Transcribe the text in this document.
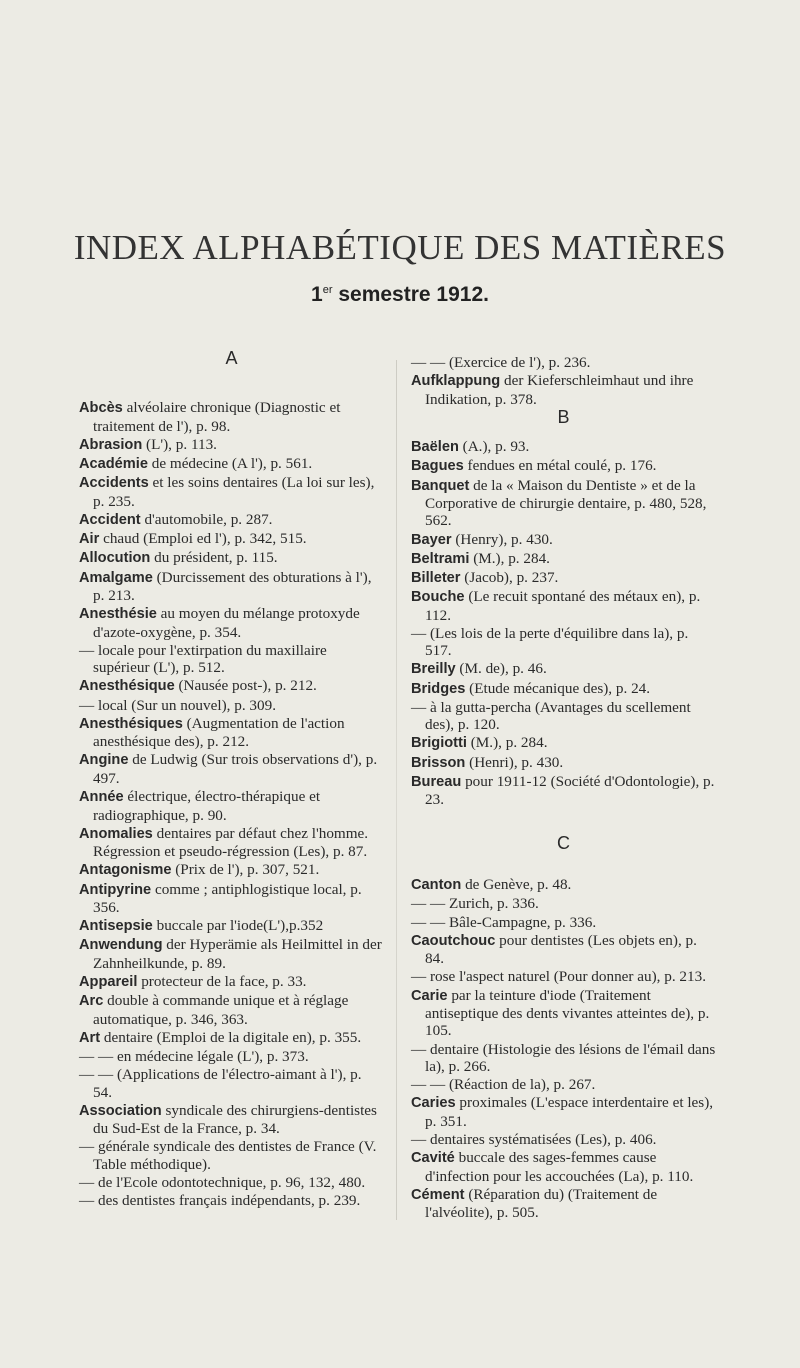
INDEX ALPHABÉTIQUE DES MATIÈRES
1er semestre 1912.
A
Abcès alvéolaire chronique (Diagnostic et traitement de l'), p. 98.
Abrasion (L'), p. 113.
Académie de médecine (A l'), p. 561.
Accidents et les soins dentaires (La loi sur les), p. 235.
Accident d'automobile, p. 287.
Air chaud (Emploi ed l'), p. 342, 515.
Allocution du président, p. 115.
Amalgame (Durcissement des obturations à l'), p. 213.
Anesthésie au moyen du mélange protoxyde d'azote-oxygène, p. 354.
— locale pour l'extirpation du maxillaire supérieur (L'), p. 512.
Anesthésique (Nausée post-), p. 212.
— local (Sur un nouvel), p. 309.
Anesthésiques (Augmentation de l'action anesthésique des), p. 212.
Angine de Ludwig (Sur trois observations d'), p. 497.
Année électrique, électro-thérapique et radiographique, p. 90.
Anomalies dentaires par défaut chez l'homme. Régression et pseudo-régression (Les), p. 87.
Antagonisme (Prix de l'), p. 307, 521.
Antipyrine comme ; antiphlogistique local, p. 356.
Antisepsie buccale par l'iode(L'),p.352
Anwendung der Hyperämie als Heilmittel in der Zahnheilkunde, p. 89.
Appareil protecteur de la face, p. 33.
Arc double à commande unique et à réglage automatique, p. 346, 363.
Art dentaire (Emploi de la digitale en), p. 355.
— — en médecine légale (L'), p. 373.
— — (Applications de l'électro-aimant à l'), p. 54.
Association syndicale des chirurgiens-dentistes du Sud-Est de la France, p. 34.
— générale syndicale des dentistes de France (V. Table méthodique).
— de l'Ecole odontotechnique, p. 96, 132, 480.
— des dentistes français indépendants, p. 239.
— — (Exercice de l'), p. 236.
Aufklappung der Kieferschleimhaut und ihre Indikation, p. 378.
B
Baëlen (A.), p. 93.
Bagues fendues en métal coulé, p. 176.
Banquet de la « Maison du Dentiste » et de la Corporative de chirurgie dentaire, p. 480, 528, 562.
Bayer (Henry), p. 430.
Beltrami (M.), p. 284.
Billeter (Jacob), p. 237.
Bouche (Le recuit spontané des métaux en), p. 112.
— (Les lois de la perte d'équilibre dans la), p. 517.
Breilly (M. de), p. 46.
Bridges (Etude mécanique des), p. 24.
— à la gutta-percha (Avantages du scellement des), p. 120.
Brigiotti (M.), p. 284.
Brisson (Henri), p. 430.
Bureau pour 1911-12 (Société d'Odontologie), p. 23.
C
Canton de Genève, p. 48.
— — Zurich, p. 336.
— — Bâle-Campagne, p. 336.
Caoutchouc pour dentistes (Les objets en), p. 84.
— rose l'aspect naturel (Pour donner au), p. 213.
Carie par la teinture d'iode (Traitement antiseptique des dents vivantes atteintes de), p. 105.
— dentaire (Histologie des lésions de l'émail dans la), p. 266.
— — (Réaction de la), p. 267.
Caries proximales (L'espace interdentaire et les), p. 351.
— dentaires systématisées (Les), p. 406.
Cavité buccale des sages-femmes cause d'infection pour les accouchées (La), p. 110.
Cément (Réparation du) (Traitement de l'alvéolite), p. 505.
